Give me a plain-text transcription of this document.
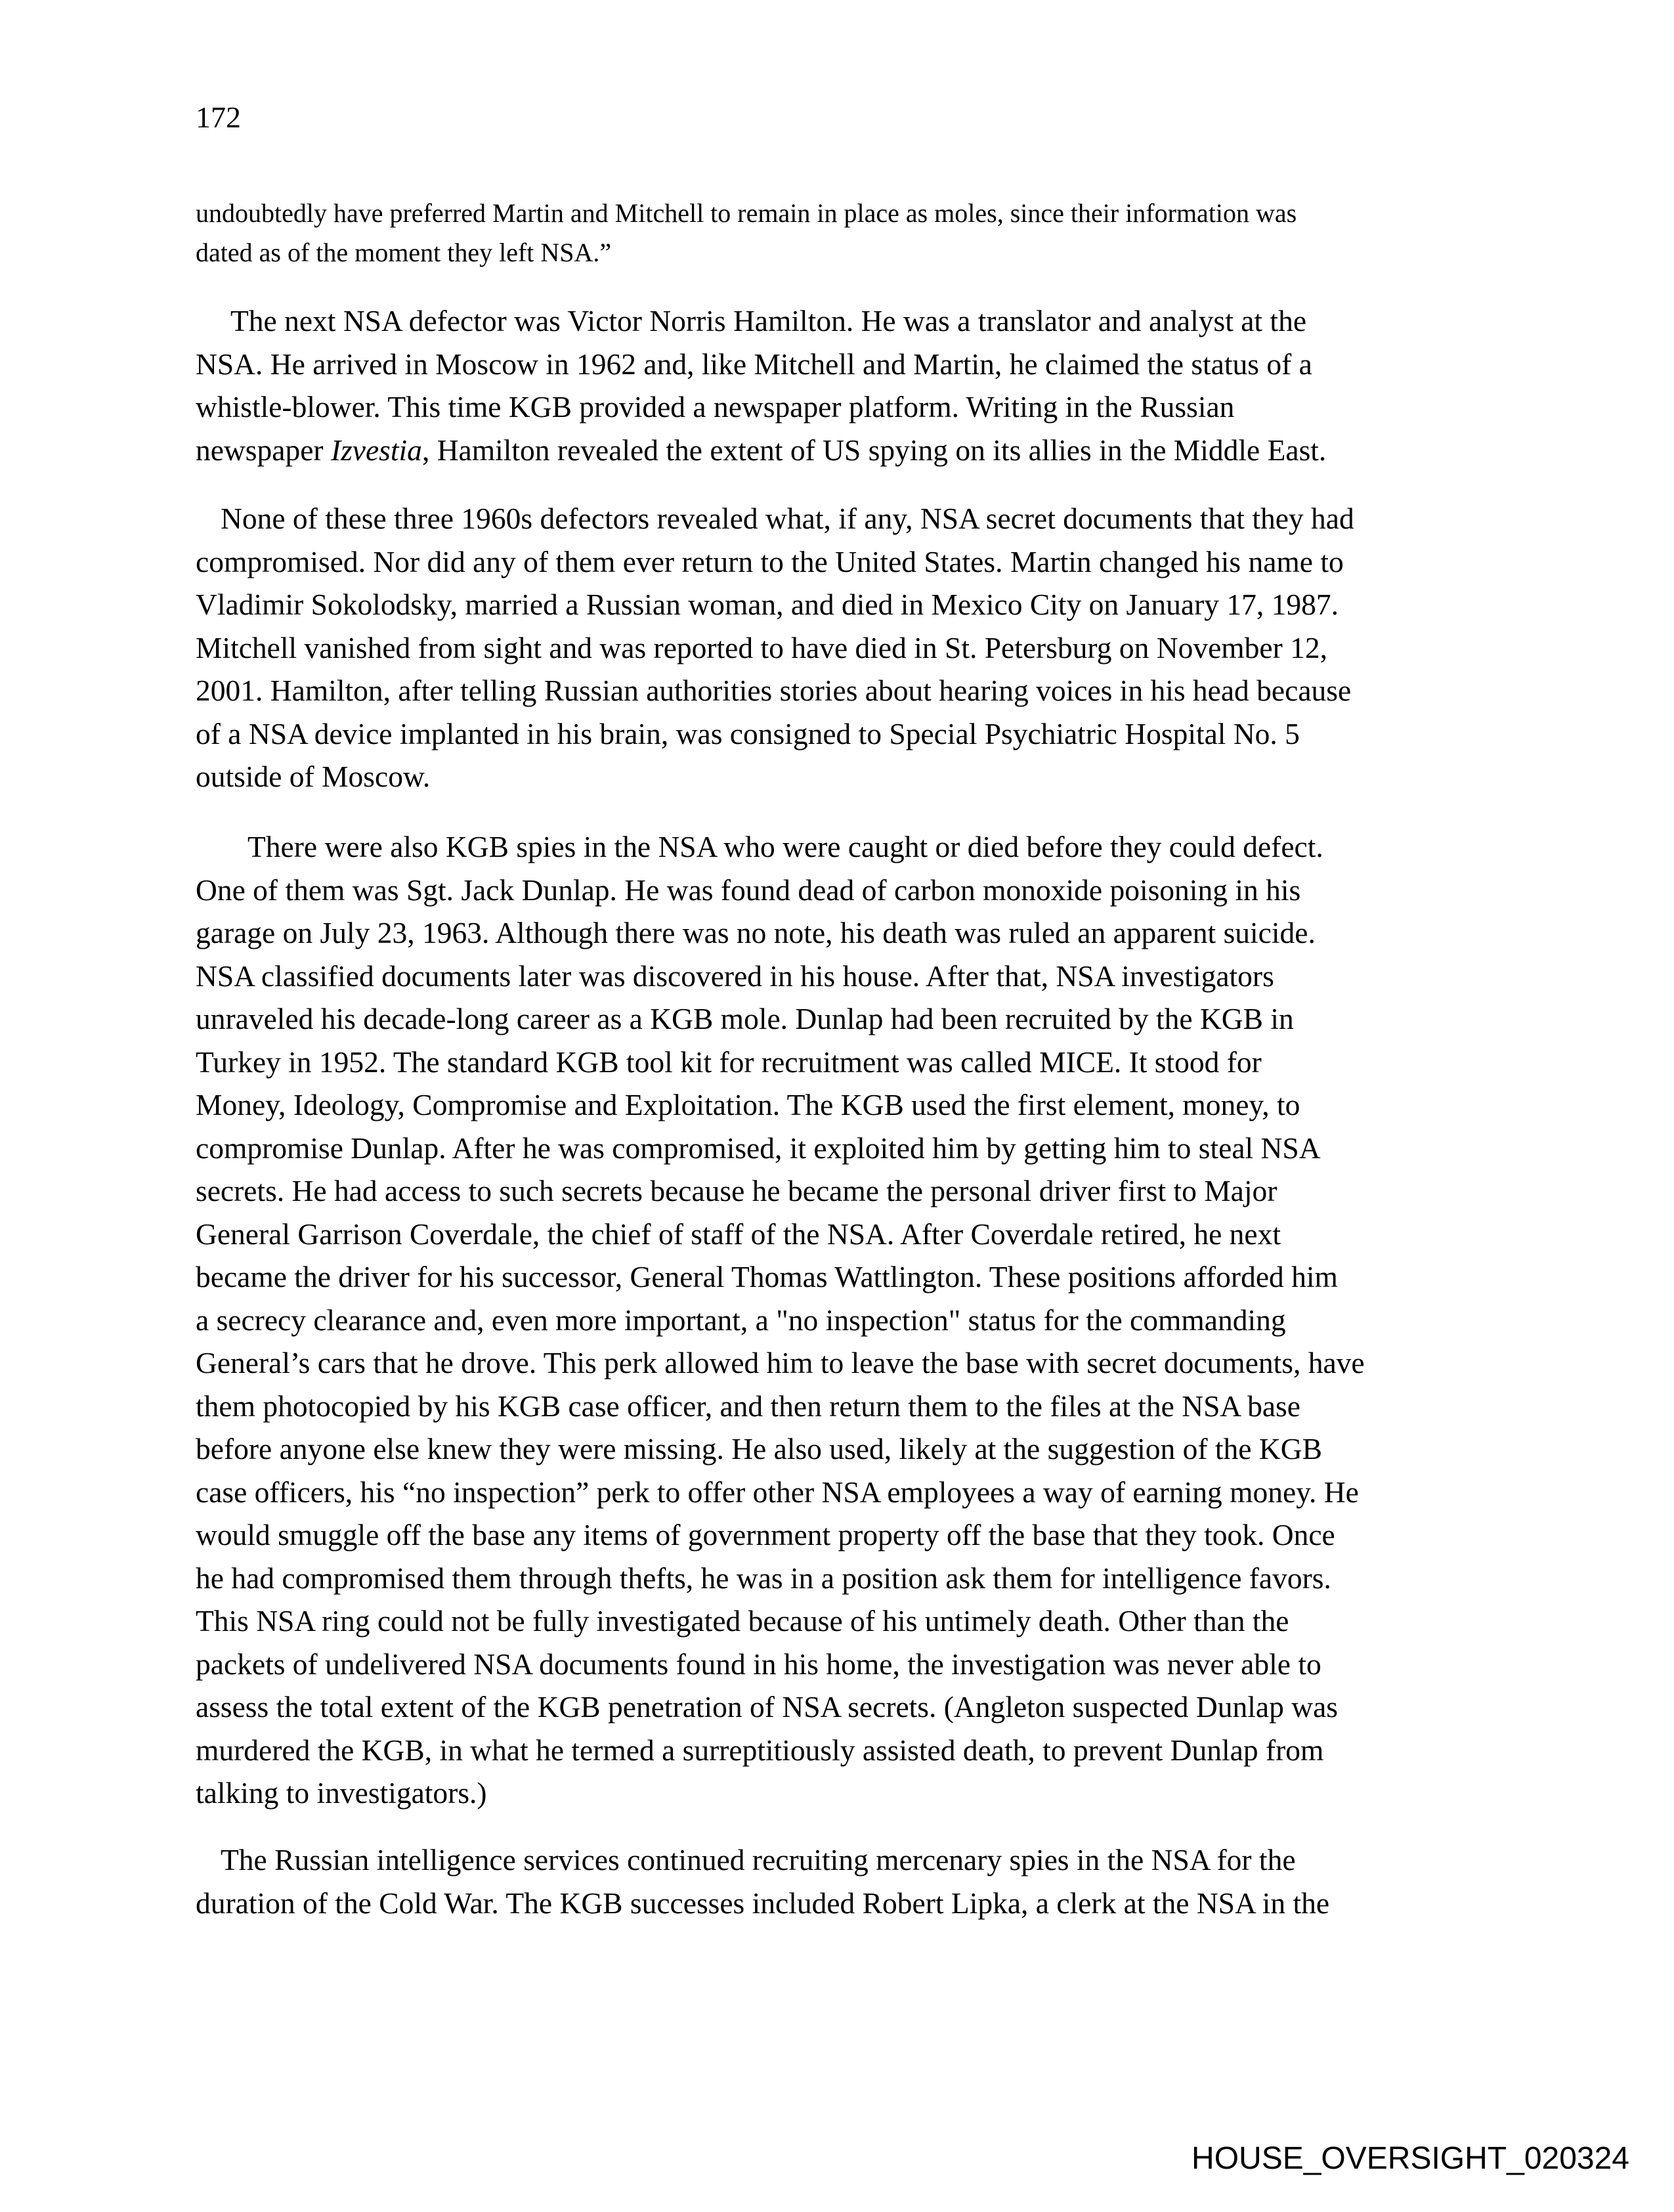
172
undoubtedly have preferred Martin and Mitchell to remain in place as moles, since their information was
dated as of the moment they left NSA.”
The next NSA defector was Victor Norris Hamilton. He was a translator and analyst at the
NSA. He arrived in Moscow in 1962 and, like Mitchell and Martin, he claimed the status of a
whistle-blower. This time KGB provided a newspaper platform. Writing in the Russian
newspaper Izvestia, Hamilton revealed the extent of US spying on its allies in the Middle East.
None of these three 1960s defectors revealed what, if any, NSA secret documents that they had
compromised. Nor did any of them ever return to the United States. Martin changed his name to
Vladimir Sokolodsky, married a Russian woman, and died in Mexico City on January 17, 1987.
Mitchell vanished from sight and was reported to have died in St. Petersburg on November 12,
2001. Hamilton, after telling Russian authorities stories about hearing voices in his head because
of a NSA device implanted in his brain, was consigned to Special Psychiatric Hospital No. 5
outside of Moscow.
There were also KGB spies in the NSA who were caught or died before they could defect.
One of them was Sgt. Jack Dunlap. He was found dead of carbon monoxide poisoning in his
garage on July 23, 1963. Although there was no note, his death was ruled an apparent suicide.
NSA classified documents later was discovered in his house. After that, NSA investigators
unraveled his decade-long career as a KGB mole. Dunlap had been recruited by the KGB in
Turkey in 1952. The standard KGB tool kit for recruitment was called MICE. It stood for
Money, Ideology, Compromise and Exploitation. The KGB used the first element, money, to
compromise Dunlap. After he was compromised, it exploited him by getting him to steal NSA
secrets. He had access to such secrets because he became the personal driver first to Major
General Garrison Coverdale, the chief of staff of the NSA. After Coverdale retired, he next
became the driver for his successor, General Thomas Wattlington. These positions afforded him
a secrecy clearance and, even more important, a "no inspection" status for the commanding
General’s cars that he drove. This perk allowed him to leave the base with secret documents, have
them photocopied by his KGB case officer, and then return them to the files at the NSA base
before anyone else knew they were missing. He also used, likely at the suggestion of the KGB
case officers, his “no inspection” perk to offer other NSA employees a way of earning money. He
would smuggle off the base any items of government property off the base that they took. Once
he had compromised them through thefts, he was in a position ask them for intelligence favors.
This NSA ring could not be fully investigated because of his untimely death. Other than the
packets of undelivered NSA documents found in his home, the investigation was never able to
assess the total extent of the KGB penetration of NSA secrets. (Angleton suspected Dunlap was
murdered the KGB, in what he termed a surreptitiously assisted death, to prevent Dunlap from
talking to investigators.)
The Russian intelligence services continued recruiting mercenary spies in the NSA for the
duration of the Cold War. The KGB successes included Robert Lipka, a clerk at the NSA in the
HOUSE_OVERSIGHT_020324
